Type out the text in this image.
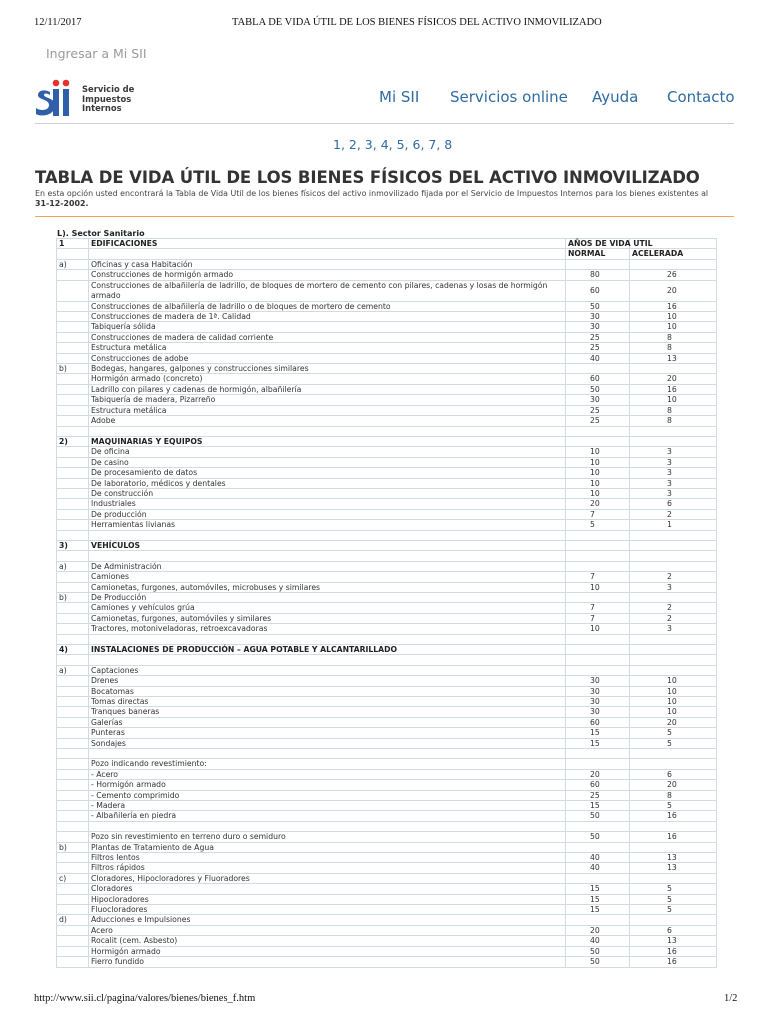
12/11/2017	TABLA DE VIDA ÚTIL DE LOS BIENES FÍSICOS DEL ACTIVO INMOVILIZADO
Ingresar a Mi SII
Servicio de
Impuestos
Internos
Mi SII Servicios online Ayuda Contacto
1, 2, 3, 4, 5, 6, 7, 8
TABLA DE VIDA ÚTIL DE LOS BIENES FÍSICOS DEL ACTIVO INMOVILIZADO
En esta opción usted encontrará la Tabla de Vida Util de los bienes físicos del activo inmovilizado fijada por el Servicio de Impuestos Internos para los bienes existentes al
31-12-2002.
L). Sector Sanitario
1	EDIFICACIONES	AÑOS DE VIDA UTIL	
		NORMAL	ACELERADA
a)	Oficinas y casa Habitación		
	Construcciones de hormigón armado	80	26
	Construcciones de albañilería de ladrillo, de bloques de mortero de cemento con pilares, cadenas y losas de hormigón armado	60	20
	Construcciones de albañilería de ladrillo o de bloques de mortero de cemento	50	16
	Construcciones de madera de 1ª. Calidad	30	10
	Tabiquería sólida	30	10
	Construcciones de madera de calidad corriente	25	8
	Estructura metálica	25	8
	Construcciones de adobe	40	13
b)	Bodegas, hangares, galpones y construcciones similares		
	Hormigón armado (concreto)	60	20
	Ladrillo con pilares y cadenas de hormigón, albañilería	50	16
	Tabiquería de madera, Pizarreño	30	10
	Estructura metálica	25	8
	Adobe	25	8

2)	MAQUINARIAS Y EQUIPOS		
	De oficina	10	3
	De casino	10	3
	De procesamiento de datos	10	3
	De laboratorio, médicos y dentales	10	3
	De construcción	10	3
	Industriales	20	6
	De producción	7	2
	Herramientas livianas	5	1

3)	VEHÍCULOS		

a)	De Administración		
	Camiones	7	2
	Camionetas, furgones, automóviles, microbuses y similares	10	3
b)	De Producción		
	Camiones y vehículos grúa	7	2
	Camionetas, furgones, automóviles y similares	7	2
	Tractores, motoniveladoras, retroexcavadoras	10	3

4)	INSTALACIONES DE PRODUCCIÓN – AGUA POTABLE Y ALCANTARILLADO		

a)	Captaciones		
	Drenes	30	10
	Bocatomas	30	10
	Tomas directas	30	10
	Tranques baneras	30	10
	Galerías	60	20
	Punteras	15	5
	Sondajes	15	5

	Pozo indicando revestimiento:		
	- Acero	20	6
	- Hormigón armado	60	20
	- Cemento comprimido	25	8
	- Madera	15	5
	- Albañilería en piedra	50	16

	Pozo sin revestimiento en terreno duro o semiduro	50	16
b)	Plantas de Tratamiento de Agua		
	Filtros lentos	40	13
	Filtros rápidos	40	13
c)	Cloradores, Hipocloradores y Fluoradores		
	Cloradores	15	5
	Hipocloradores	15	5
	Fluocloradores	15	5
d)	Aducciones e Impulsiones		
	Acero	20	6
	Rocalit (cem. Asbesto)	40	13
	Hormigón armado	50	16
	Fierro fundido	50	16
http://www.sii.cl/pagina/valores/bienes/bienes_f.htm	1/2
